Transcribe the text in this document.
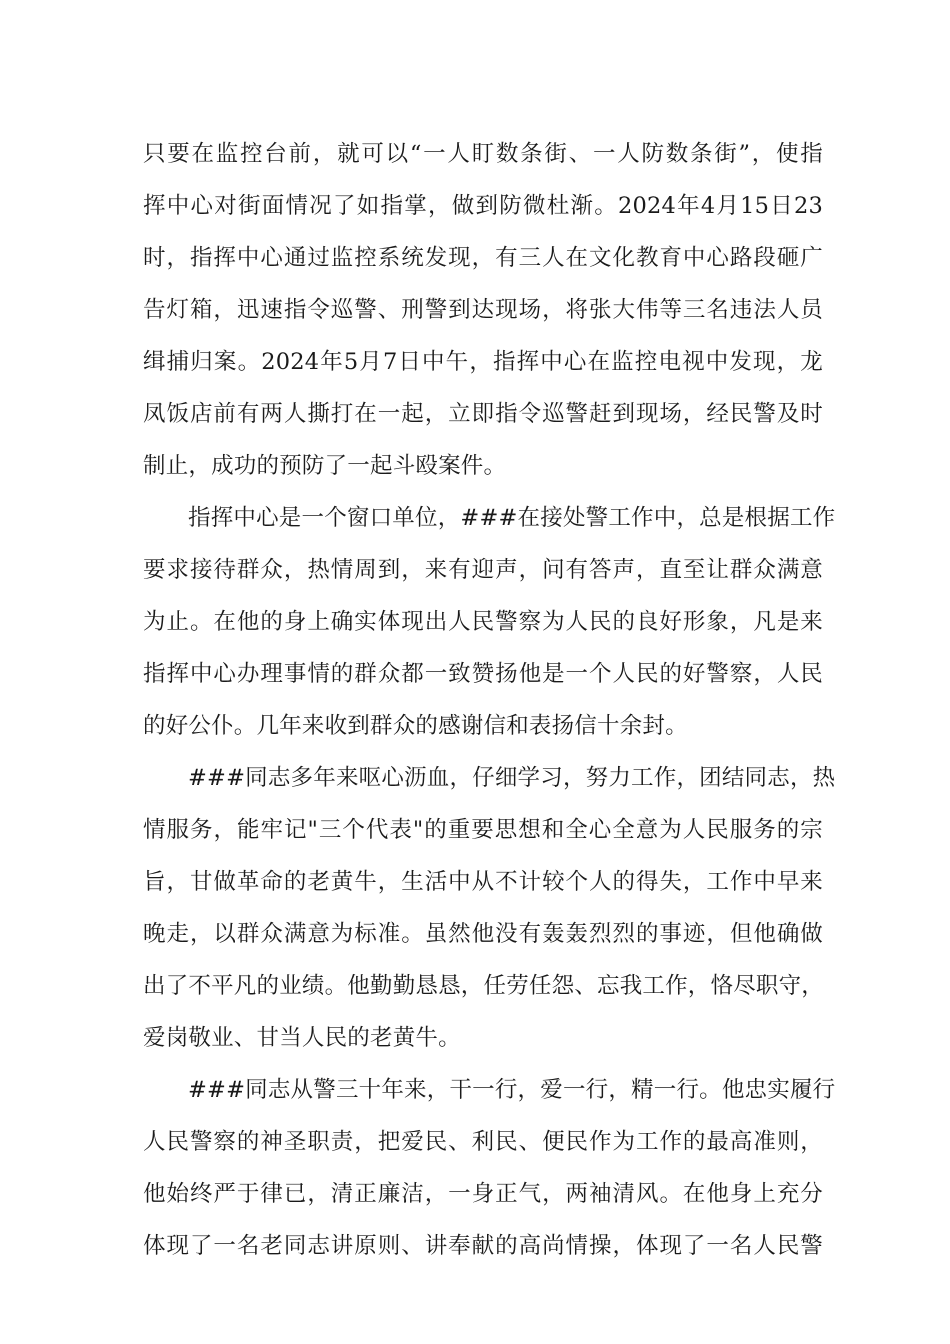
只要在监控台前，就可以“一人盯数条街、一人防数条街”，使指
挥中心对街面情况了如指掌，做到防微杜渐。2024年4月15日23
时，指挥中心通过监控系统发现，有三人在文化教育中心路段砸广
告灯箱，迅速指令巡警、刑警到达现场，将张大伟等三名违法人员
缉捕归案。2024年5月7日中午，指挥中心在监控电视中发现，龙
凤饭店前有两人撕打在一起，立即指令巡警赶到现场，经民警及时
制止，成功的预防了一起斗殴案件。
指挥中心是一个窗口单位，###在接处警工作中，总是根据工作
要求接待群众，热情周到，来有迎声，问有答声，直至让群众满意
为止。在他的身上确实体现出人民警察为人民的良好形象，凡是来
指挥中心办理事情的群众都一致赞扬他是一个人民的好警察，人民
的好公仆。几年来收到群众的感谢信和表扬信十余封。
###同志多年来呕心沥血，仔细学习，努力工作，团结同志，热
情服务，能牢记"三个代表"的重要思想和全心全意为人民服务的宗
旨，甘做革命的老黄牛，生活中从不计较个人的得失，工作中早来
晚走，以群众满意为标准。虽然他没有轰轰烈烈的事迹，但他确做
出了不平凡的业绩。他勤勤恳恳，任劳任怨、忘我工作，恪尽职守，
爱岗敬业、甘当人民的老黄牛。
###同志从警三十年来，干一行，爱一行，精一行。他忠实履行
人民警察的神圣职责，把爱民、利民、便民作为工作的最高准则，
他始终严于律已，清正廉洁，一身正气，两袖清风。在他身上充分
体现了一名老同志讲原则、讲奉献的高尚情操，体现了一名人民警
